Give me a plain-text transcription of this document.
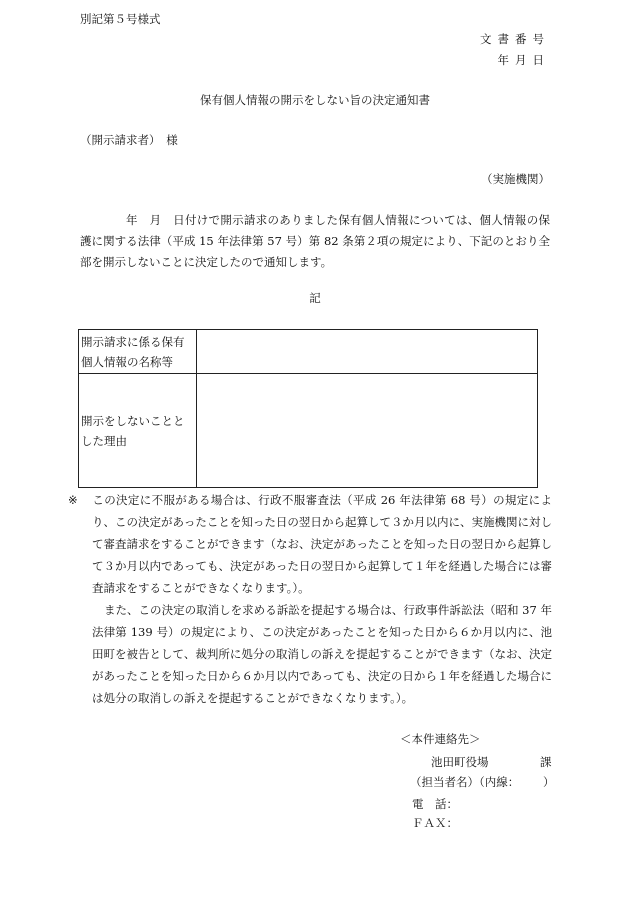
別記第５号様式
文書番号
年月日
保有個人情報の開示をしない旨の決定通知書
（開示請求者）　様
（実施機関）
年　月　日付けで開示請求のありました保有個人情報については、個人情報の保護に関する法律（平成 15 年法律第 57 号）第 82 条第２項の規定により、下記のとおり全部を開示しないことに決定したので通知します。
記
開示請求に係る保有個人情報の名称等	
開示をしないこととした理由	

※ この決定に不服がある場合は、行政不服審査法（平成 26 年法律第 68 号）の規定により、この決定があったことを知った日の翌日から起算して３か月以内に、実施機関に対して審査請求をすることができます（なお、決定があったことを知った日の翌日から起算して３か月以内であっても、決定があった日の翌日から起算して１年を経過した場合には審査請求をすることができなくなります。）。

また、この決定の取消しを求める訴訟を提起する場合は、行政事件訴訟法（昭和 37 年法律第 139 号）の規定により、この決定があったことを知った日から６か月以内に、池田町を被告として、裁判所に処分の取消しの訴えを提起することができます（なお、決定があったことを知った日から６か月以内であっても、決定の日から１年を経過した場合には処分の取消しの訴えを提起することができなくなります。）。

＜本件連絡先＞
池田町役場	課
（担当者名）（内線： ）
電　話：
ＦＡＸ：
